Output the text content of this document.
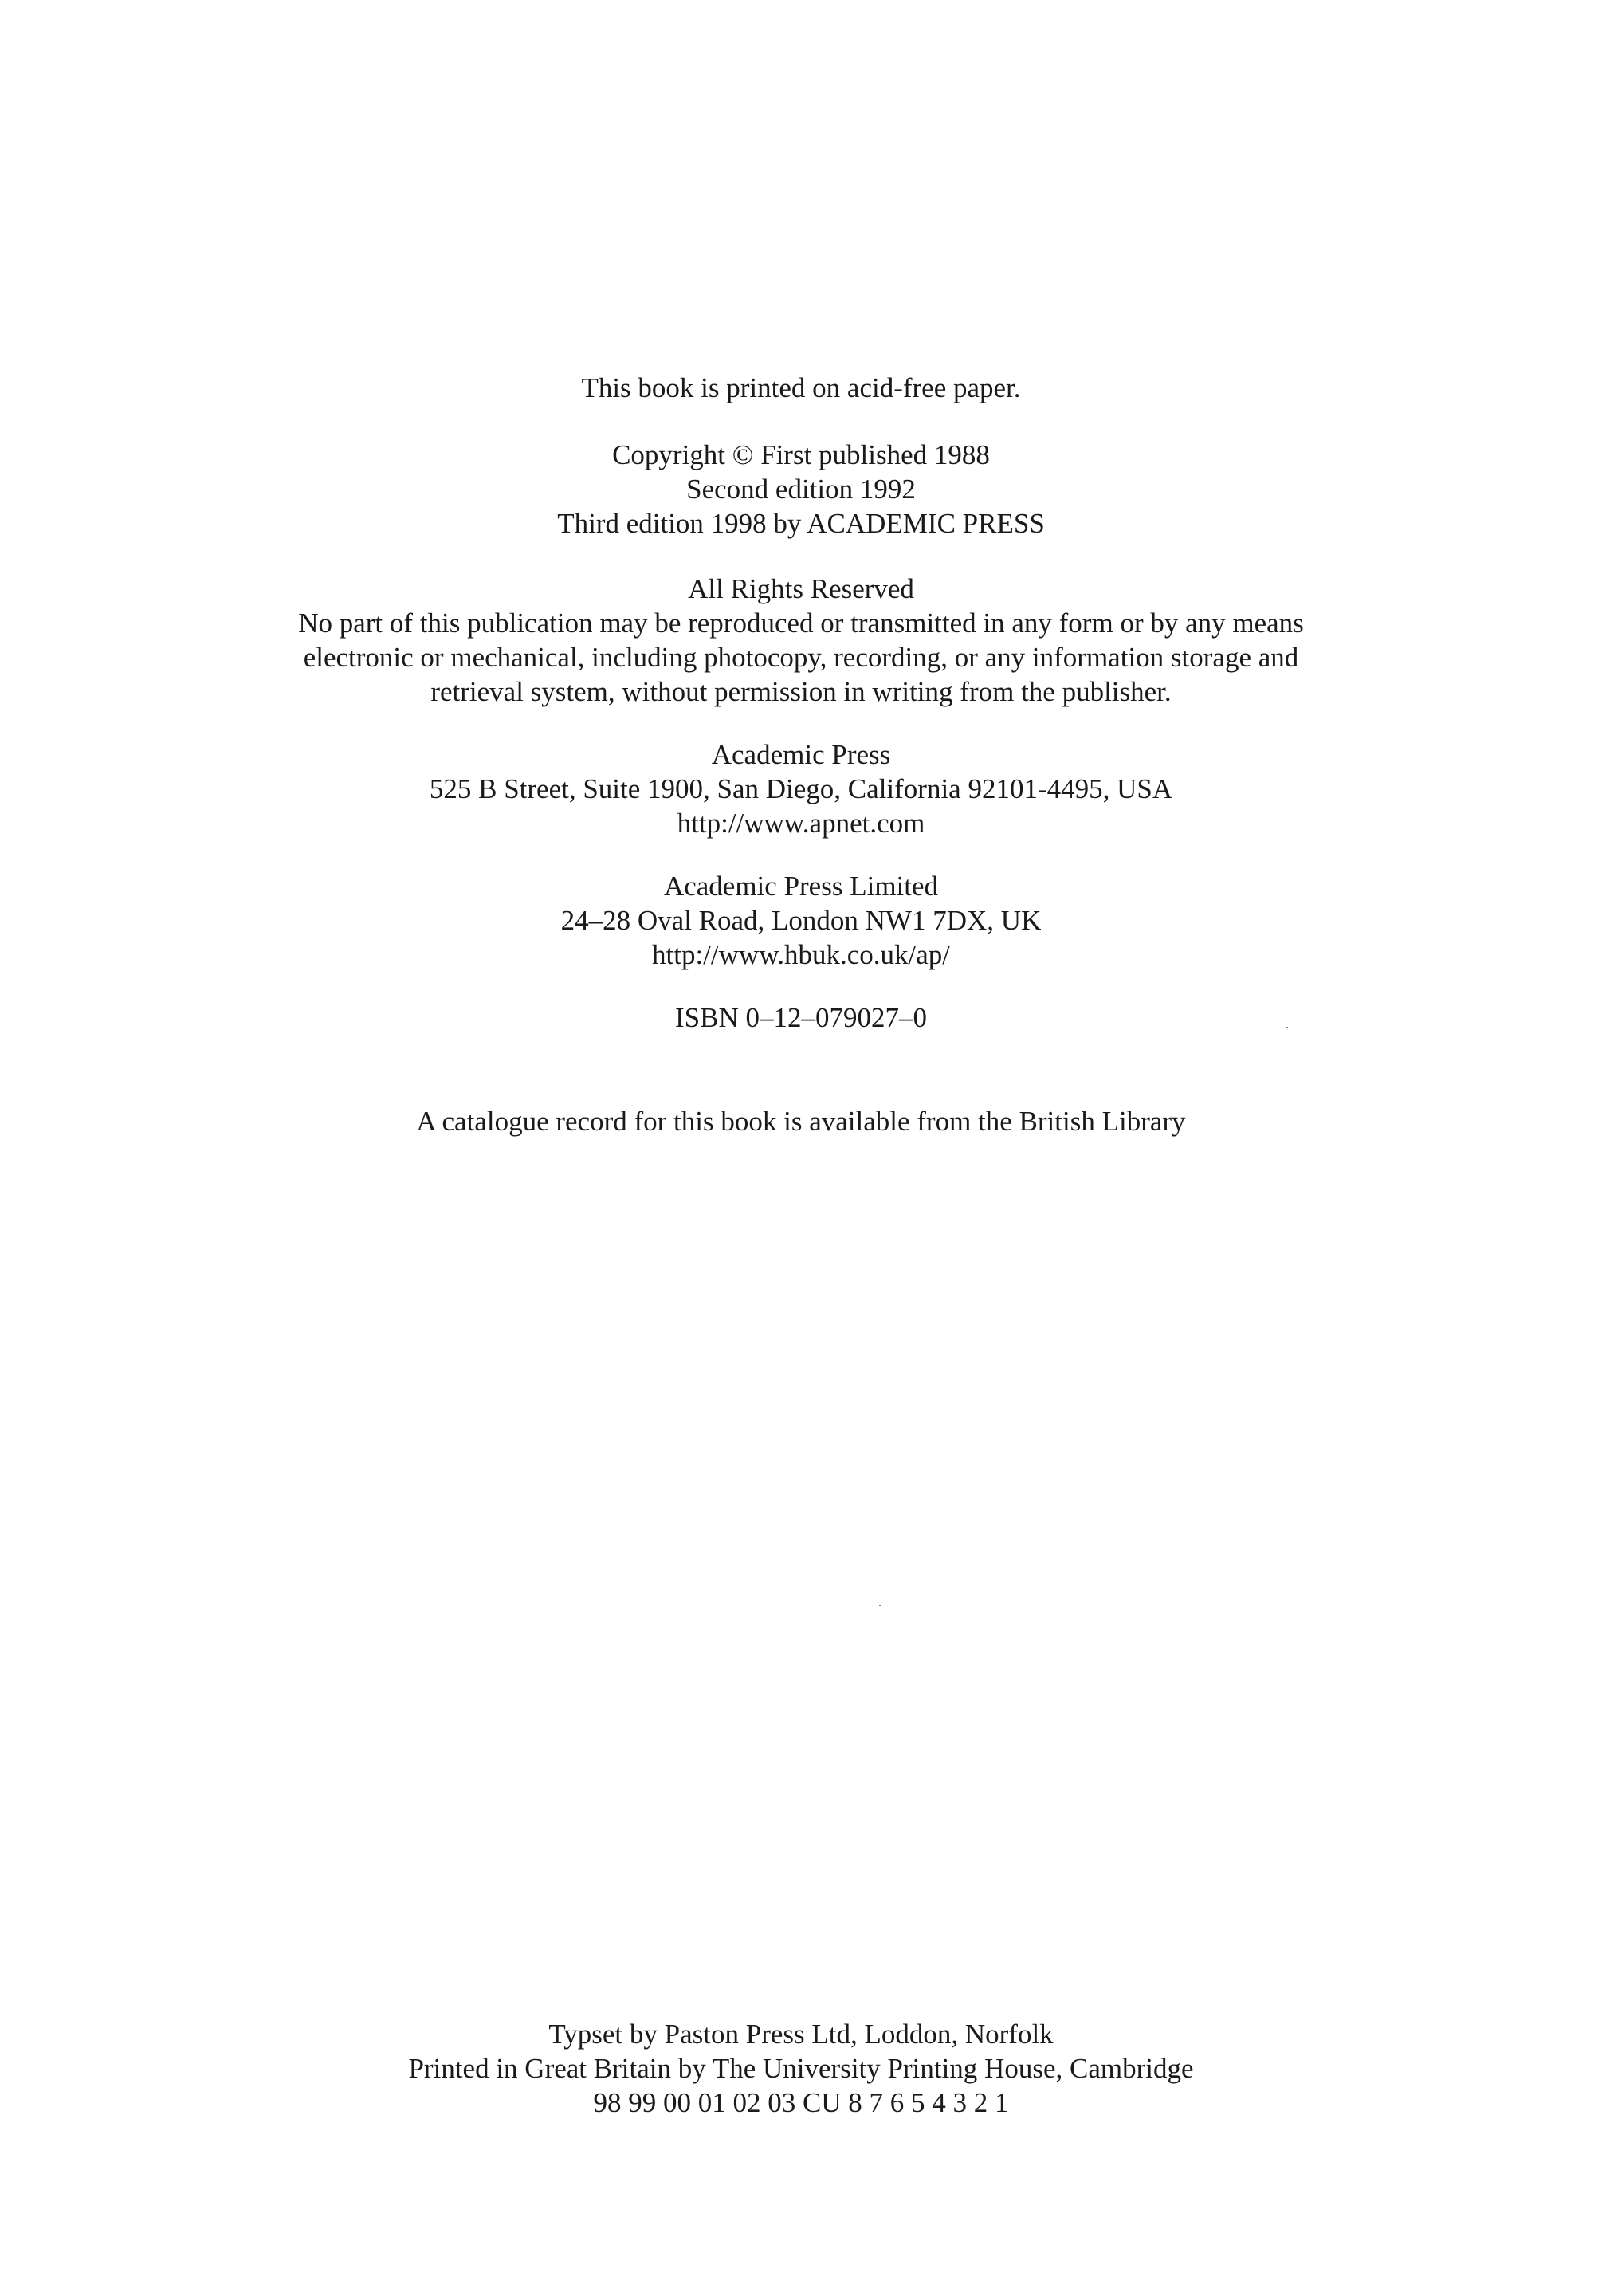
This book is printed on acid-free paper.
Copyright © First published 1988
Second edition 1992
Third edition 1998 by ACADEMIC PRESS
All Rights Reserved
No part of this publication may be reproduced or transmitted in any form or by any means
electronic or mechanical, including photocopy, recording, or any information storage and
retrieval system, without permission in writing from the publisher.
Academic Press
525 B Street, Suite 1900, San Diego, California 92101-4495, USA
http://www.apnet.com
Academic Press Limited
24–28 Oval Road, London NW1 7DX, UK
http://www.hbuk.co.uk/ap/
ISBN 0–12–079027–0
A catalogue record for this book is available from the British Library
Typset by Paston Press Ltd, Loddon, Norfolk
Printed in Great Britain by The University Printing House, Cambridge
98 99 00 01 02 03 CU 8 7 6 5 4 3 2 1
